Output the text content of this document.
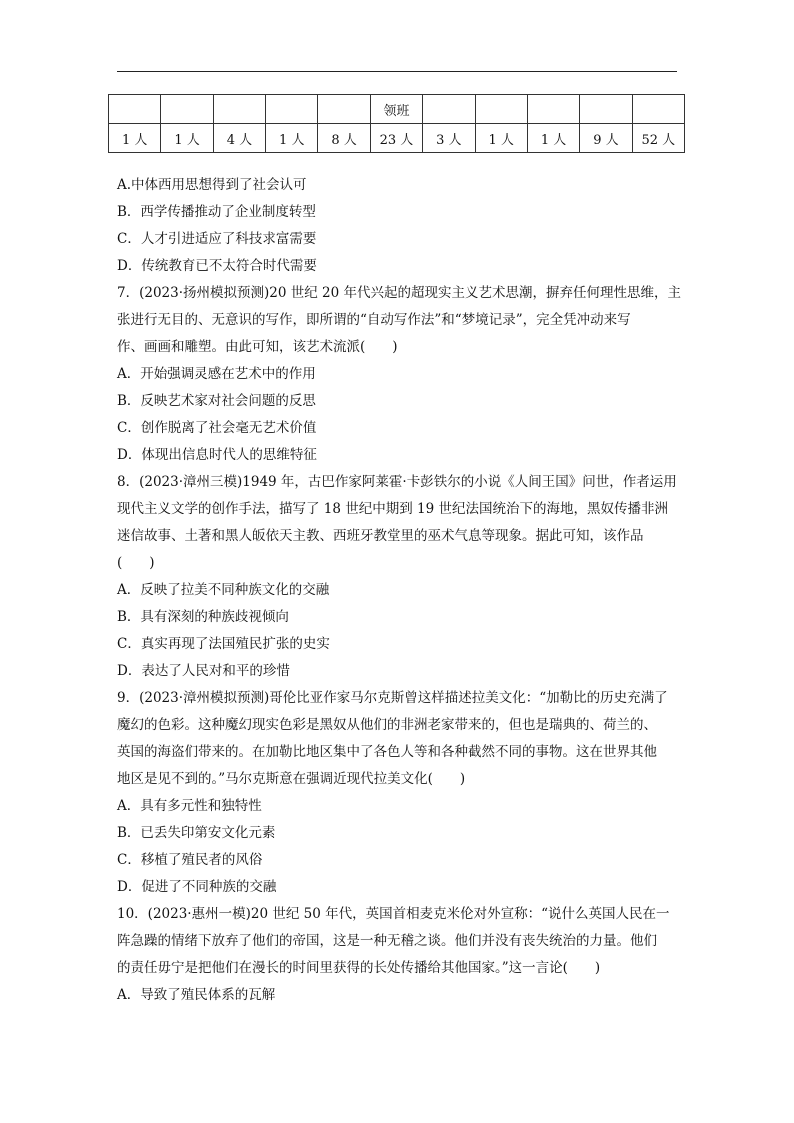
					领班					
1 人	1 人	4 人	1 人	8 人	23 人	3 人	1 人	1 人	9 人	52 人
A.中体西用思想得到了社会认可
B．西学传播推动了企业制度转型
C．人才引进适应了科技求富需要
D．传统教育已不太符合时代需要
7．(2023·扬州模拟预测)20 世纪 20 年代兴起的超现实主义艺术思潮，摒弃任何理性思维，主
张进行无目的、无意识的写作，即所谓的“自动写作法”和“梦境记录”，完全凭冲动来写
作、画画和雕塑。由此可知，该艺术流派(　　)
A．开始强调灵感在艺术中的作用
B．反映艺术家对社会问题的反思
C．创作脱离了社会毫无艺术价值
D．体现出信息时代人的思维特征
8．(2023·漳州三模)1949 年，古巴作家阿莱霍·卡彭铁尔的小说《人间王国》问世，作者运用
现代主义文学的创作手法，描写了 18 世纪中期到 19 世纪法国统治下的海地，黑奴传播非洲
迷信故事、土著和黑人皈依天主教、西班牙教堂里的巫术气息等现象。据此可知，该作品
(　　)
A．反映了拉美不同种族文化的交融
B．具有深刻的种族歧视倾向
C．真实再现了法国殖民扩张的史实
D．表达了人民对和平的珍惜
9．(2023·漳州模拟预测)哥伦比亚作家马尔克斯曾这样描述拉美文化：“加勒比的历史充满了
魔幻的色彩。这种魔幻现实色彩是黑奴从他们的非洲老家带来的，但也是瑞典的、荷兰的、
英国的海盗们带来的。在加勒比地区集中了各色人等和各种截然不同的事物。这在世界其他
地区是见不到的。”马尔克斯意在强调近现代拉美文化(　　)
A．具有多元性和独特性
B．已丢失印第安文化元素
C．移植了殖民者的风俗
D．促进了不同种族的交融
10．(2023·惠州一模)20 世纪 50 年代，英国首相麦克米伦对外宣称：“说什么英国人民在一
阵急躁的情绪下放弃了他们的帝国，这是一种无稽之谈。他们并没有丧失统治的力量。他们
的责任毋宁是把他们在漫长的时间里获得的长处传播给其他国家。”这一言论(　　)
A．导致了殖民体系的瓦解
